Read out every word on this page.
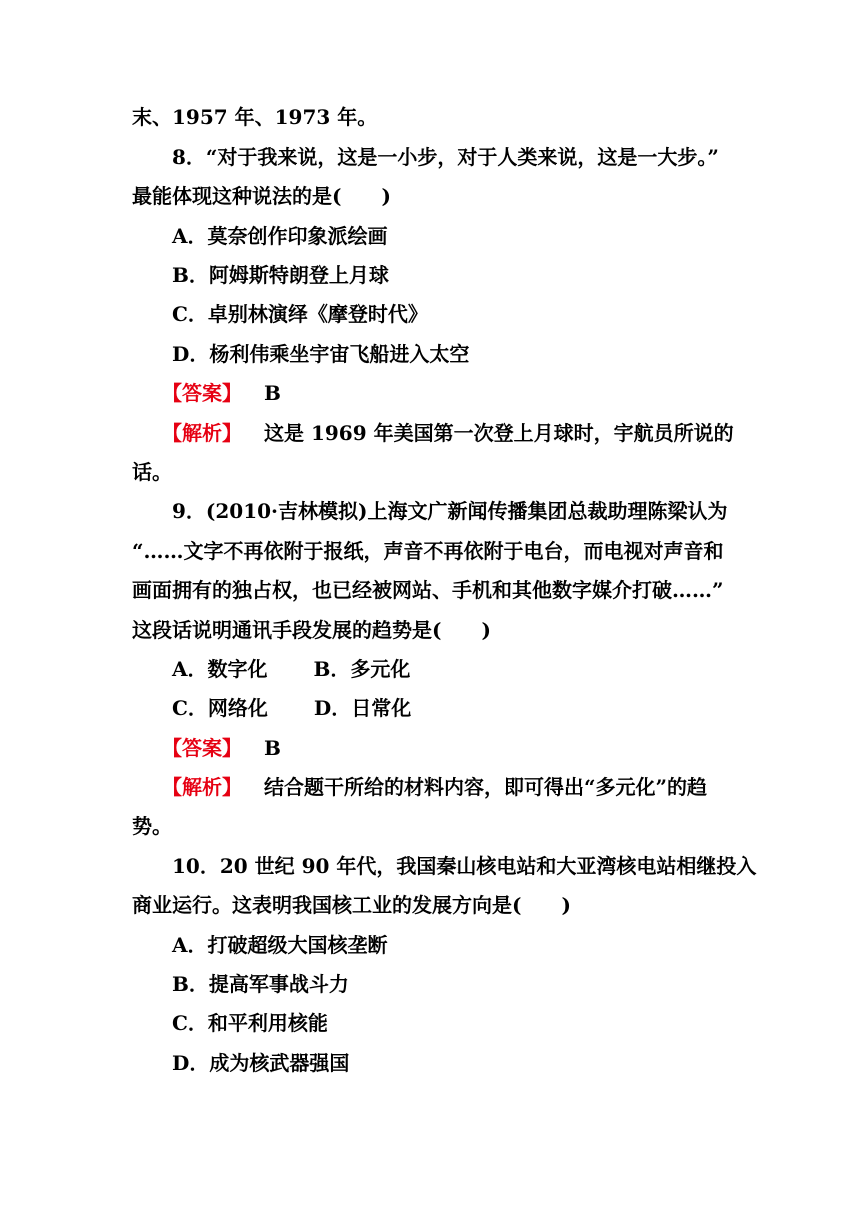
末、1957 年、1973 年。
8．“对于我来说，这是一小步，对于人类来说，这是一大步。”
最能体现这种说法的是(　　)
A．莫奈创作印象派绘画
B．阿姆斯特朗登上月球
C．卓别林演绎《摩登时代》
D．杨利伟乘坐宇宙飞船进入太空
【答案】 B
【解析】 这是 1969 年美国第一次登上月球时，宇航员所说的
话。
9．(2010·吉林模拟)上海文广新闻传播集团总裁助理陈梁认为
“……文字不再依附于报纸，声音不再依附于电台，而电视对声音和
画面拥有的独占权，也已经被网站、手机和其他数字媒介打破……”
这段话说明通讯手段发展的趋势是(　　)
A．数字化 B．多元化
C．网络化 D．日常化
【答案】 B
【解析】 结合题干所给的材料内容，即可得出“多元化”的趋
势。
10．20 世纪 90 年代，我国秦山核电站和大亚湾核电站相继投入
商业运行。这表明我国核工业的发展方向是(　　)
A．打破超级大国核垄断
B．提高军事战斗力
C．和平利用核能
D．成为核武器强国
